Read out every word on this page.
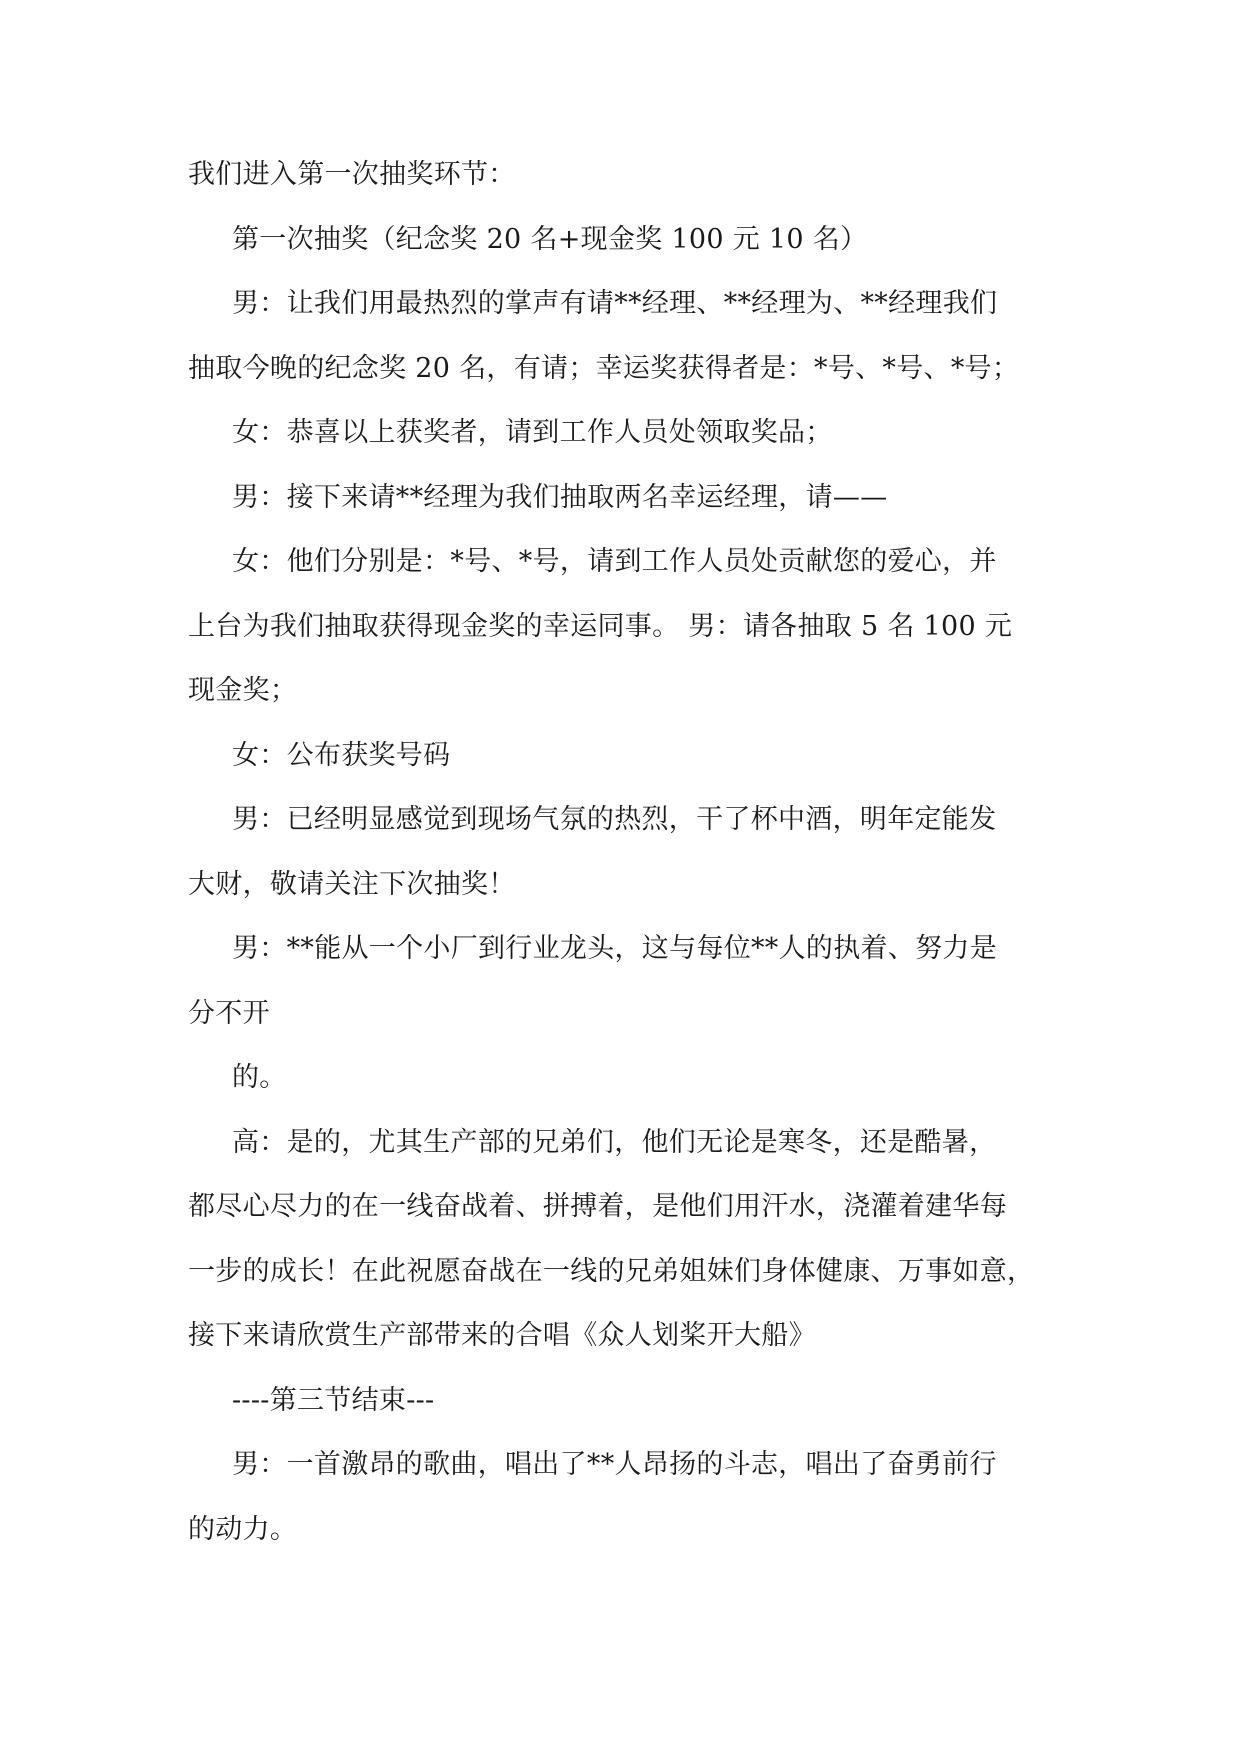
我们进入第一次抽奖环节：
第一次抽奖（纪念奖 20 名+现金奖 100 元 10 名）
男：让我们用最热烈的掌声有请**经理、**经理为、**经理我们
抽取今晚的纪念奖 20 名，有请；幸运奖获得者是：*号、*号、*号；
女：恭喜以上获奖者，请到工作人员处领取奖品；
男：接下来请**经理为我们抽取两名幸运经理，请——
女：他们分别是：*号、*号，请到工作人员处贡献您的爱心，并
上台为我们抽取获得现金奖的幸运同事。 男：请各抽取 5 名 100 元
现金奖；
女：公布获奖号码
男：已经明显感觉到现场气氛的热烈，干了杯中酒，明年定能发
大财，敬请关注下次抽奖！
男：**能从一个小厂到行业龙头，这与每位**人的执着、努力是
分不开
的。
高：是的，尤其生产部的兄弟们，他们无论是寒冬，还是酷暑，
都尽心尽力的在一线奋战着、拼搏着，是他们用汗水，浇灌着建华每
一步的成长！在此祝愿奋战在一线的兄弟姐妹们身体健康、万事如意，
接下来请欣赏生产部带来的合唱《众人划桨开大船》
----第三节结束---
男：一首激昂的歌曲，唱出了**人昂扬的斗志，唱出了奋勇前行
的动力。
